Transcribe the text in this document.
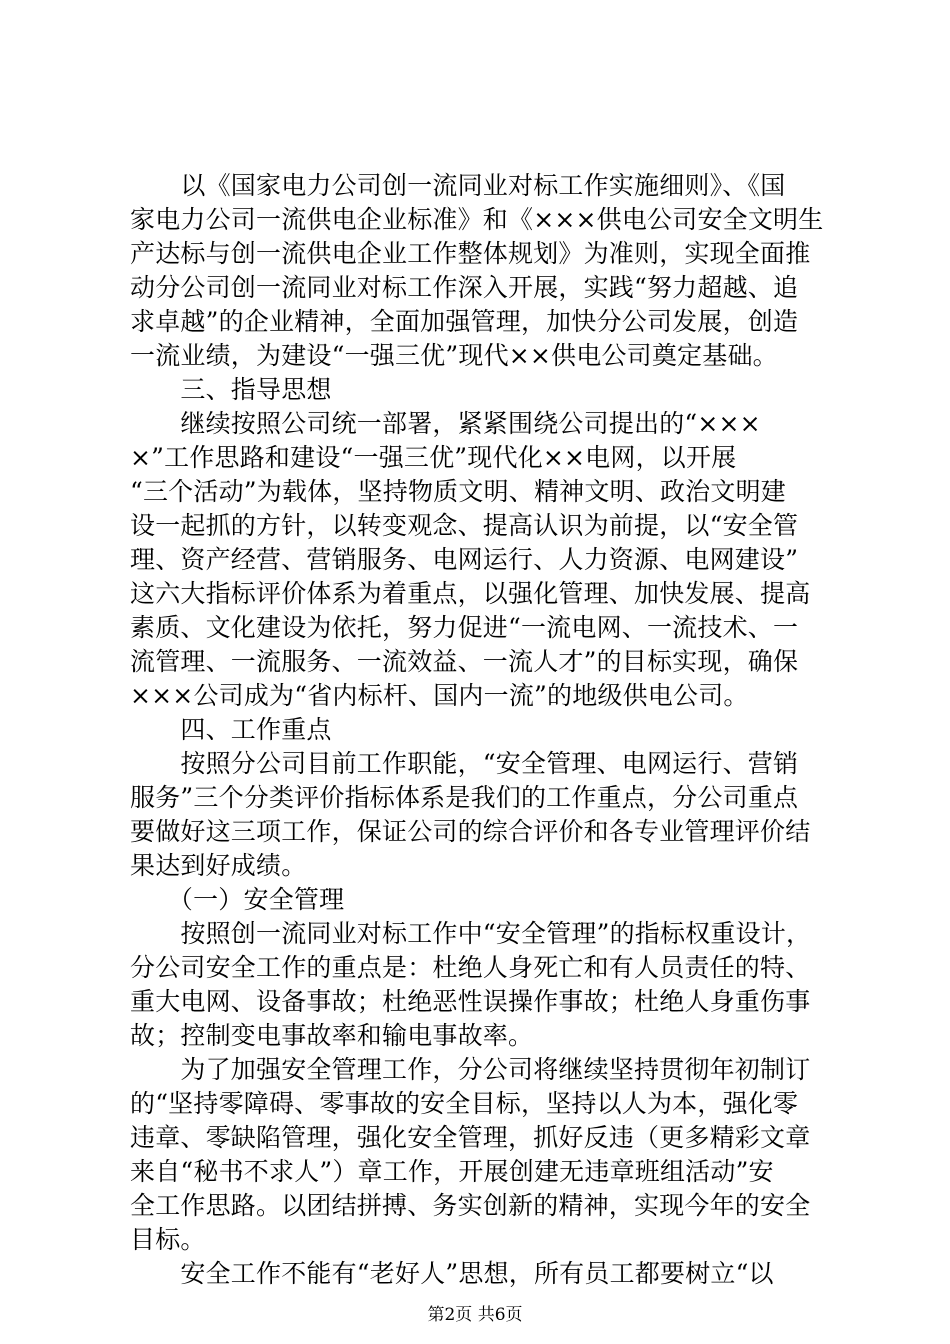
　　以《国家电力公司创一流同业对标工作实施细则》、《国
家电力公司一流供电企业标准》和《×××供电公司安全文明生
产达标与创一流供电企业工作整体规划》为准则，实现全面推
动分公司创一流同业对标工作深入开展，实践“努力超越、追
求卓越”的企业精神，全面加强管理，加快分公司发展，创造
一流业绩，为建设“一强三优”现代××供电公司奠定基础。
　　三、指导思想
　　继续按照公司统一部署，紧紧围绕公司提出的“×××
×”工作思路和建设“一强三优”现代化××电网，以开展
“三个活动”为载体，坚持物质文明、精神文明、政治文明建
设一起抓的方针，以转变观念、提高认识为前提，以“安全管
理、资产经营、营销服务、电网运行、人力资源、电网建设”
这六大指标评价体系为着重点，以强化管理、加快发展、提高
素质、文化建设为依托，努力促进“一流电网、一流技术、一
流管理、一流服务、一流效益、一流人才”的目标实现，确保
×××公司成为“省内标杆、国内一流”的地级供电公司。
　　四、工作重点
　　按照分公司目前工作职能，“安全管理、电网运行、营销
服务”三个分类评价指标体系是我们的工作重点，分公司重点
要做好这三项工作，保证公司的综合评价和各专业管理评价结
果达到好成绩。
　　（一）安全管理
　　按照创一流同业对标工作中“安全管理”的指标权重设计，
分公司安全工作的重点是：杜绝人身死亡和有人员责任的特、
重大电网、设备事故；杜绝恶性误操作事故；杜绝人身重伤事
故；控制变电事故率和输电事故率。
　　为了加强安全管理工作，分公司将继续坚持贯彻年初制订
的“坚持零障碍、零事故的安全目标，坚持以人为本，强化零
违章、零缺陷管理，强化安全管理，抓好反违（更多精彩文章
来自“秘书不求人”）章工作，开展创建无违章班组活动”安
全工作思路。以团结拼搏、务实创新的精神，实现今年的安全
目标。
　　安全工作不能有“老好人”思想，所有员工都要树立“以
第2页 共6页
